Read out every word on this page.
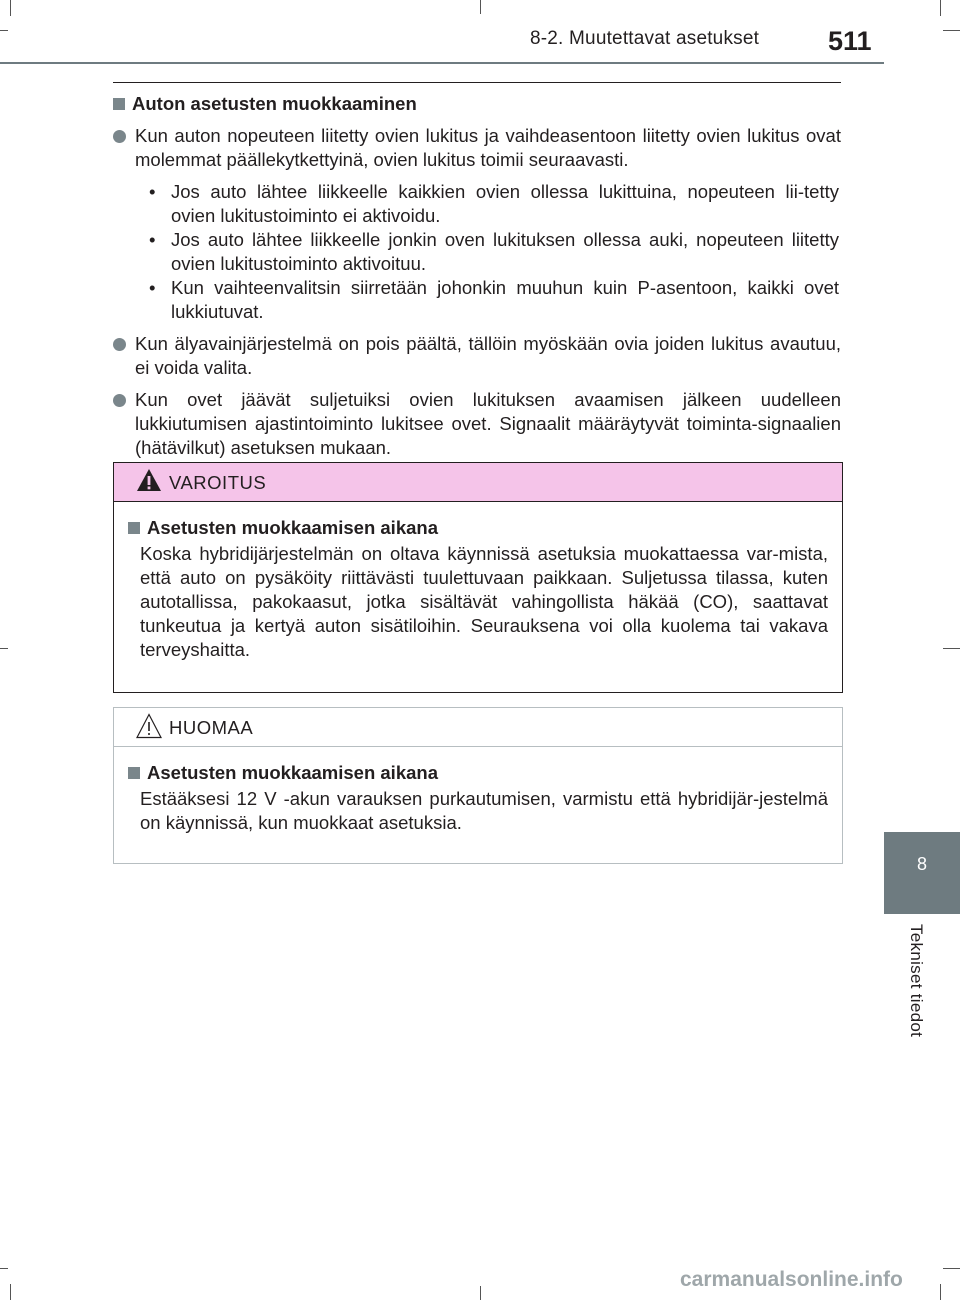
8-2. Muutettavat asetukset	511
8
Tekniset tiedot
Auton asetusten muokkaaminen
Kun auton nopeuteen liitetty ovien lukitus ja vaihdeasentoon liitetty ovien lukitus ovat molemmat päällekytkettyinä, ovien lukitus toimii seuraavasti.
• Jos auto lähtee liikkeelle kaikkien ovien ollessa lukittuina, nopeuteen lii-tetty ovien lukitustoiminto ei aktivoidu.
• Jos auto lähtee liikkeelle jonkin oven lukituksen ollessa auki, nopeuteen liitetty ovien lukitustoiminto aktivoituu.
• Kun vaihteenvalitsin siirretään johonkin muuhun kuin P-asentoon, kaikki ovet lukkiutuvat.
Kun älyavainjärjestelmä on pois päältä, tällöin myöskään ovia joiden lukitus avautuu, ei voida valita.
Kun ovet jäävät suljetuiksi ovien lukituksen avaamisen jälkeen uudelleen lukkiutumisen ajastintoiminto lukitsee ovet. Signaalit määräytyvät toiminta-signaalien (hätävilkut) asetuksen mukaan.
VAROITUS
Asetusten muokkaamisen aikana
Koska hybridijärjestelmän on oltava käynnissä asetuksia muokattaessa var-mista, että auto on pysäköity riittävästi tuulettuvaan paikkaan. Suljetussa tilassa, kuten autotallissa, pakokaasut, jotka sisältävät vahingollista häkää (CO), saattavat tunkeutua ja kertyä auton sisätiloihin. Seurauksena voi olla kuolema tai vakava terveyshaitta.
HUOMAA
Asetusten muokkaamisen aikana
Estääksesi 12 V -akun varauksen purkautumisen, varmistu että hybridijär-jestelmä on käynnissä, kun muokkaat asetuksia.
carmanualsonline.info
